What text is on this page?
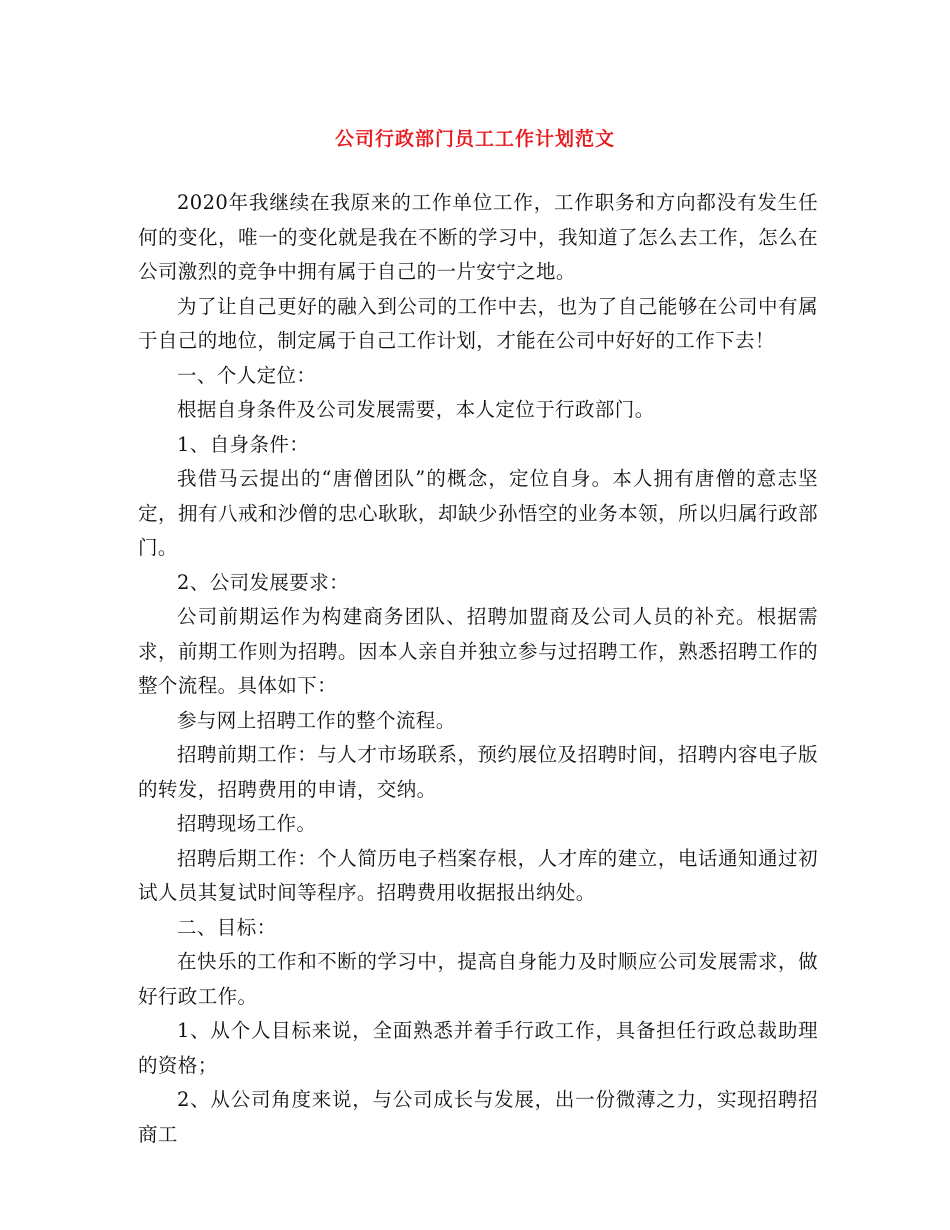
公司行政部门员工工作计划范文

2020年我继续在我原来的工作单位工作，工作职务和方向都没有发生任何的变化，唯一的变化就是我在不断的学习中，我知道了怎么去工作，怎么在公司激烈的竞争中拥有属于自己的一片安宁之地。

为了让自己更好的融入到公司的工作中去，也为了自己能够在公司中有属于自己的地位，制定属于自己工作计划，才能在公司中好好的工作下去！

一、个人定位：

根据自身条件及公司发展需要，本人定位于行政部门。

1、自身条件：

我借马云提出的“唐僧团队”的概念，定位自身。本人拥有唐僧的意志坚定，拥有八戒和沙僧的忠心耿耿，却缺少孙悟空的业务本领，所以归属行政部门。

2、公司发展要求：

公司前期运作为构建商务团队、招聘加盟商及公司人员的补充。根据需求，前期工作则为招聘。因本人亲自并独立参与过招聘工作，熟悉招聘工作的 整个流程。具体如下：

参与网上招聘工作的整个流程。

招聘前期工作：与人才市场联系，预约展位及招聘时间，招聘内容电子版的转发，招聘费用的申请，交纳。

招聘现场工作。

招聘后期工作：个人简历电子档案存根，人才库的建立，电话通知通过初试人员其复试时间等程序。招聘费用收据报出纳处。

二、目标：

在快乐的工作和不断的学习中，提高自身能力及时顺应公司发展需求，做好行政工作。

1、从个人目标来说，全面熟悉并着手行政工作，具备担任行政总裁助理的资格；

2、从公司角度来说，与公司成长与发展，出一份微薄之力，实现招聘招商工
